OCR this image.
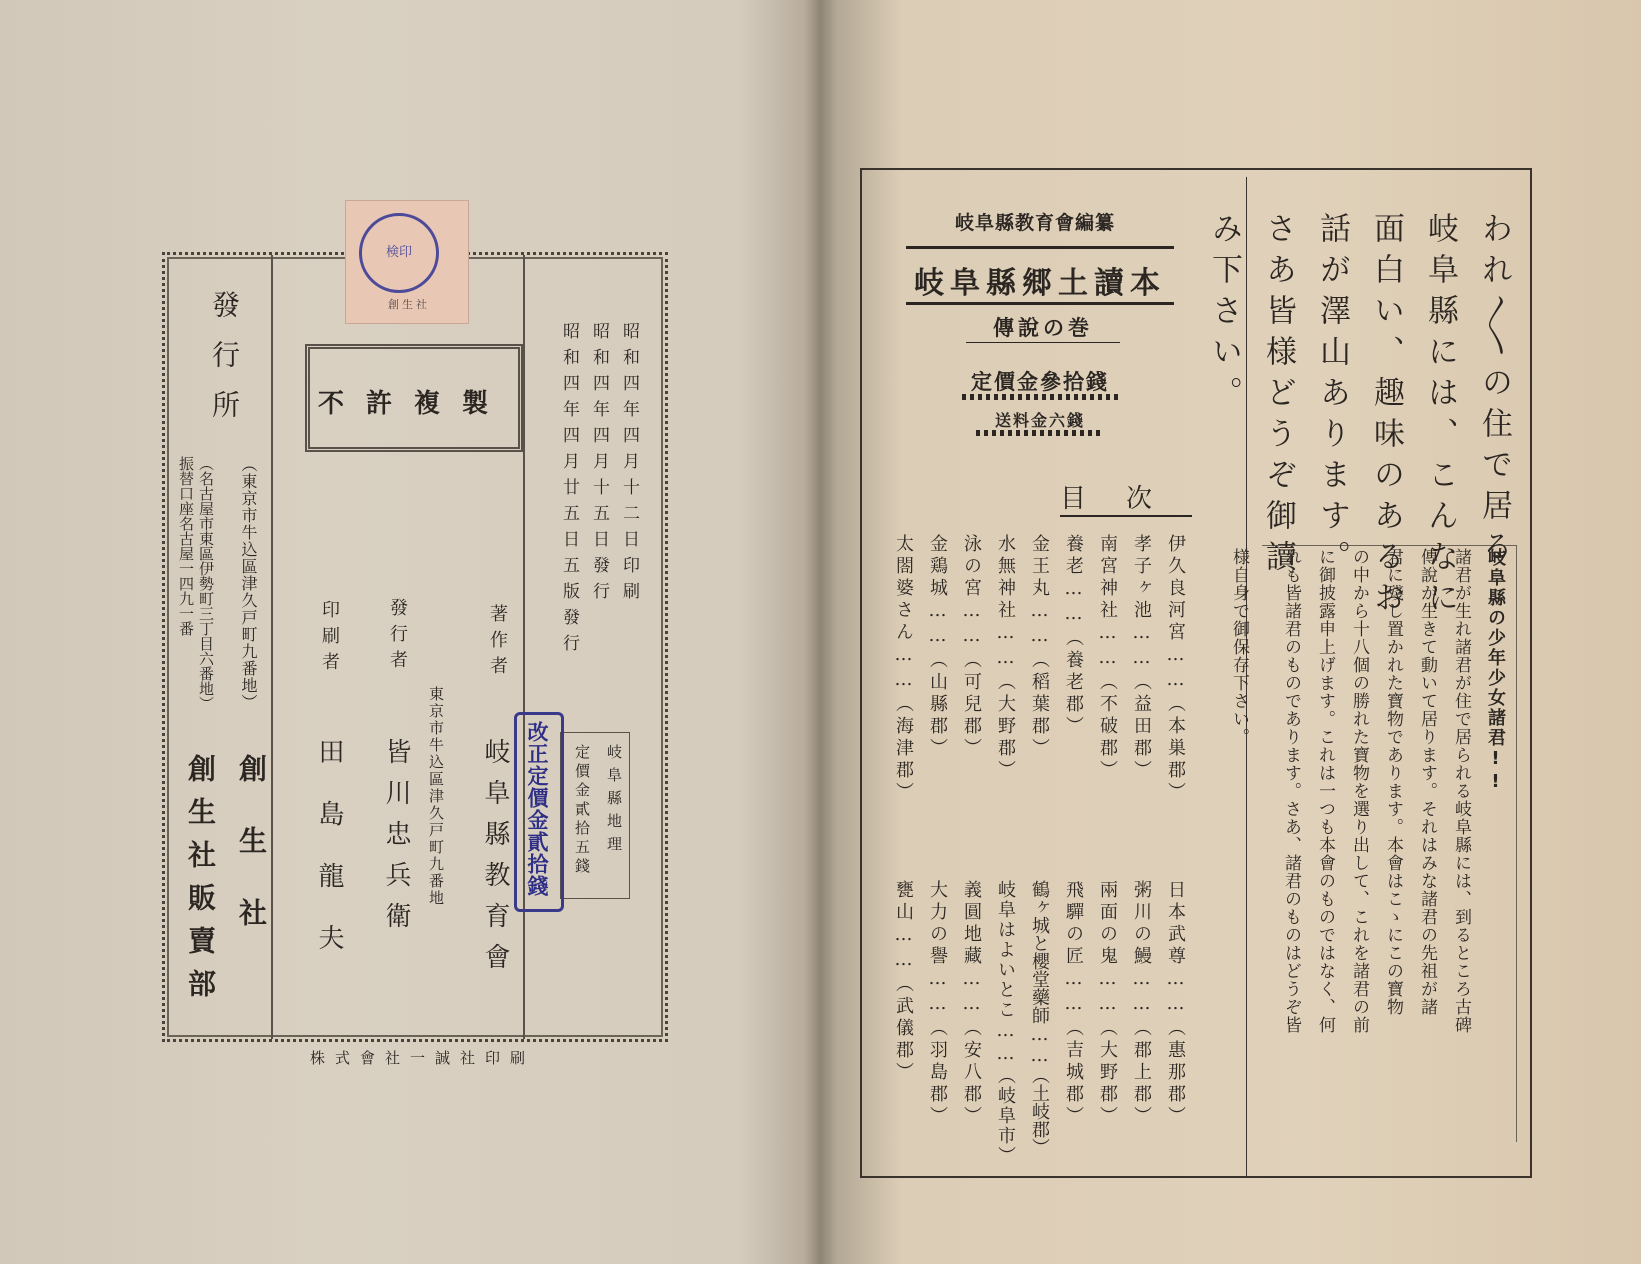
検印
創生社
不許複製	昭和四年四月十二日印刷
昭和四年四月十五日發行
昭和四年四月廿五日五版發行
岐阜縣地理
定價金貳拾五錢
改正定價金貳拾錢
著作者
岐阜縣教育會
發行者
東京市牛込區津久戸町九番地
皆川忠兵衛
印刷者
田島龍夫
發行所
（東京市牛込區津久戸町九番地）
（名古屋市東區伊勢町三丁目六番地）
振替口座名古屋一四九一番
創生社
創生社販賣部
株式會社一誠社印刷
岐阜縣教育會編纂
岐阜縣郷土讀本
傳說の巻
定價金參拾錢
送料金六錢
目次	われ〳〵の住で居る
岐阜縣には、こんなに
面白い、趣味のあるお
話が澤山あります。
さあ皆様どうぞ御讀
み下さい。
岐阜縣の少年少女諸君!!
諸君が生れ諸君が住で居られる岐阜縣には、到るところ古碑
傳說が生きて動いて居ります。それはみな諸君の先祖が諸
君に殘し置かれた寶物であります。本會はこゝにこの寶物
の中から十八個の勝れた寶物を選り出して、これを諸君の前
に御披露申上げます。これは一つも本會のものではなく、何
れも皆諸君のものであります。さあ、諸君のものはどうぞ皆
様自身で御保存下さい。
伊久良河宮……（本巣郡）
日本武尊……（惠那郡）
孝子ヶ池……（益田郡）
粥川の鰻……（郡上郡）
南宮神社……（不破郡）
兩面の鬼……（大野郡）
養老……（養老郡）
飛驒の匠……（吉城郡）
金王丸……（稻葉郡）
鶴ヶ城と櫻堂藥師……（土岐郡）
水無神社……（大野郡）
岐阜はよいとこ……（岐阜市）
泳の宮……（可兒郡）
義圓地藏……（安八郡）
金鶏城……（山縣郡）
大力の譽……（羽島郡）
太閤婆さん……（海津郡）
甕山……（武儀郡）
